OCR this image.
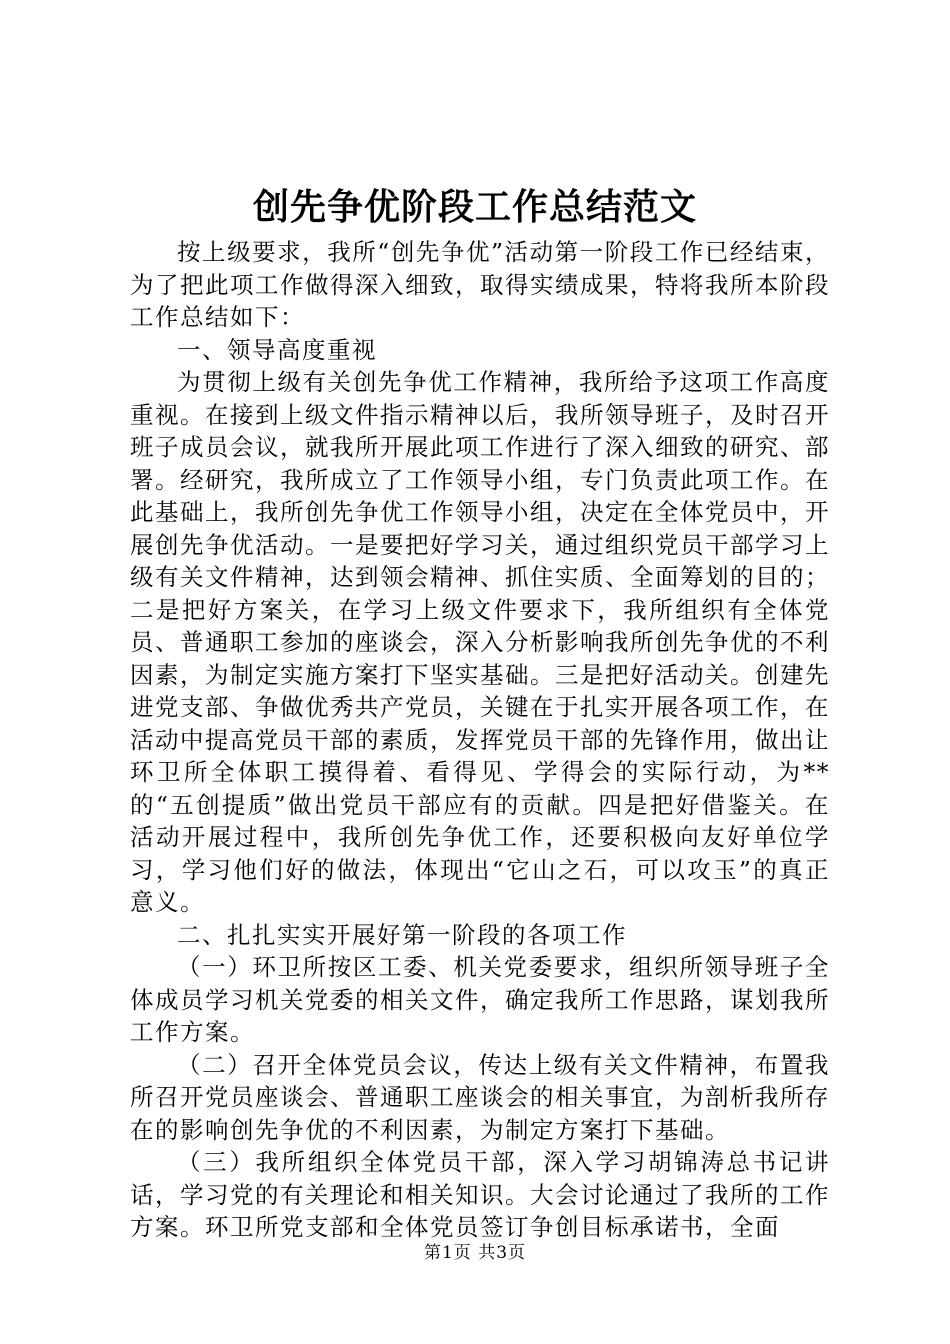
创先争优阶段工作总结范文

按上级要求，我所“创先争优”活动第一阶段工作已经结束，为了把此项工作做得深入细致，取得实绩成果，特将我所本阶段工作总结如下：

一、领导高度重视

为贯彻上级有关创先争优工作精神，我所给予这项工作高度重视。在接到上级文件指示精神以后，我所领导班子，及时召开班子成员会议，就我所开展此项工作进行了深入细致的研究、部署。经研究，我所成立了工作领导小组，专门负责此项工作。在此基础上，我所创先争优工作领导小组，决定在全体党员中，开展创先争优活动。一是要把好学习关，通过组织党员干部学习上级有关文件精神，达到领会精神、抓住实质、全面筹划的目的；二是把好方案关，在学习上级文件要求下，我所组织有全体党员、普通职工参加的座谈会，深入分析影响我所创先争优的不利因素，为制定实施方案打下坚实基础。三是把好活动关。创建先进党支部、争做优秀共产党员，关键在于扎实开展各项工作，在活动中提高党员干部的素质，发挥党员干部的先锋作用，做出让环卫所全体职工摸得着、看得见、学得会的实际行动，为**的“五创提质”做出党员干部应有的贡献。四是把好借鉴关。在活动开展过程中，我所创先争优工作，还要积极向友好单位学习，学习他们好的做法，体现出“它山之石，可以攻玉”的真正意义。

二、扎扎实实开展好第一阶段的各项工作

（一）环卫所按区工委、机关党委要求，组织所领导班子全体成员学习机关党委的相关文件，确定我所工作思路，谋划我所工作方案。

（二）召开全体党员会议，传达上级有关文件精神，布置我所召开党员座谈会、普通职工座谈会的相关事宜，为剖析我所存在的影响创先争优的不利因素，为制定方案打下基础。

（三）我所组织全体党员干部，深入学习胡锦涛总书记讲话，学习党的有关理论和相关知识。大会讨论通过了我所的工作方案。环卫所党支部和全体党员签订争创目标承诺书，全面

第1页 共3页
